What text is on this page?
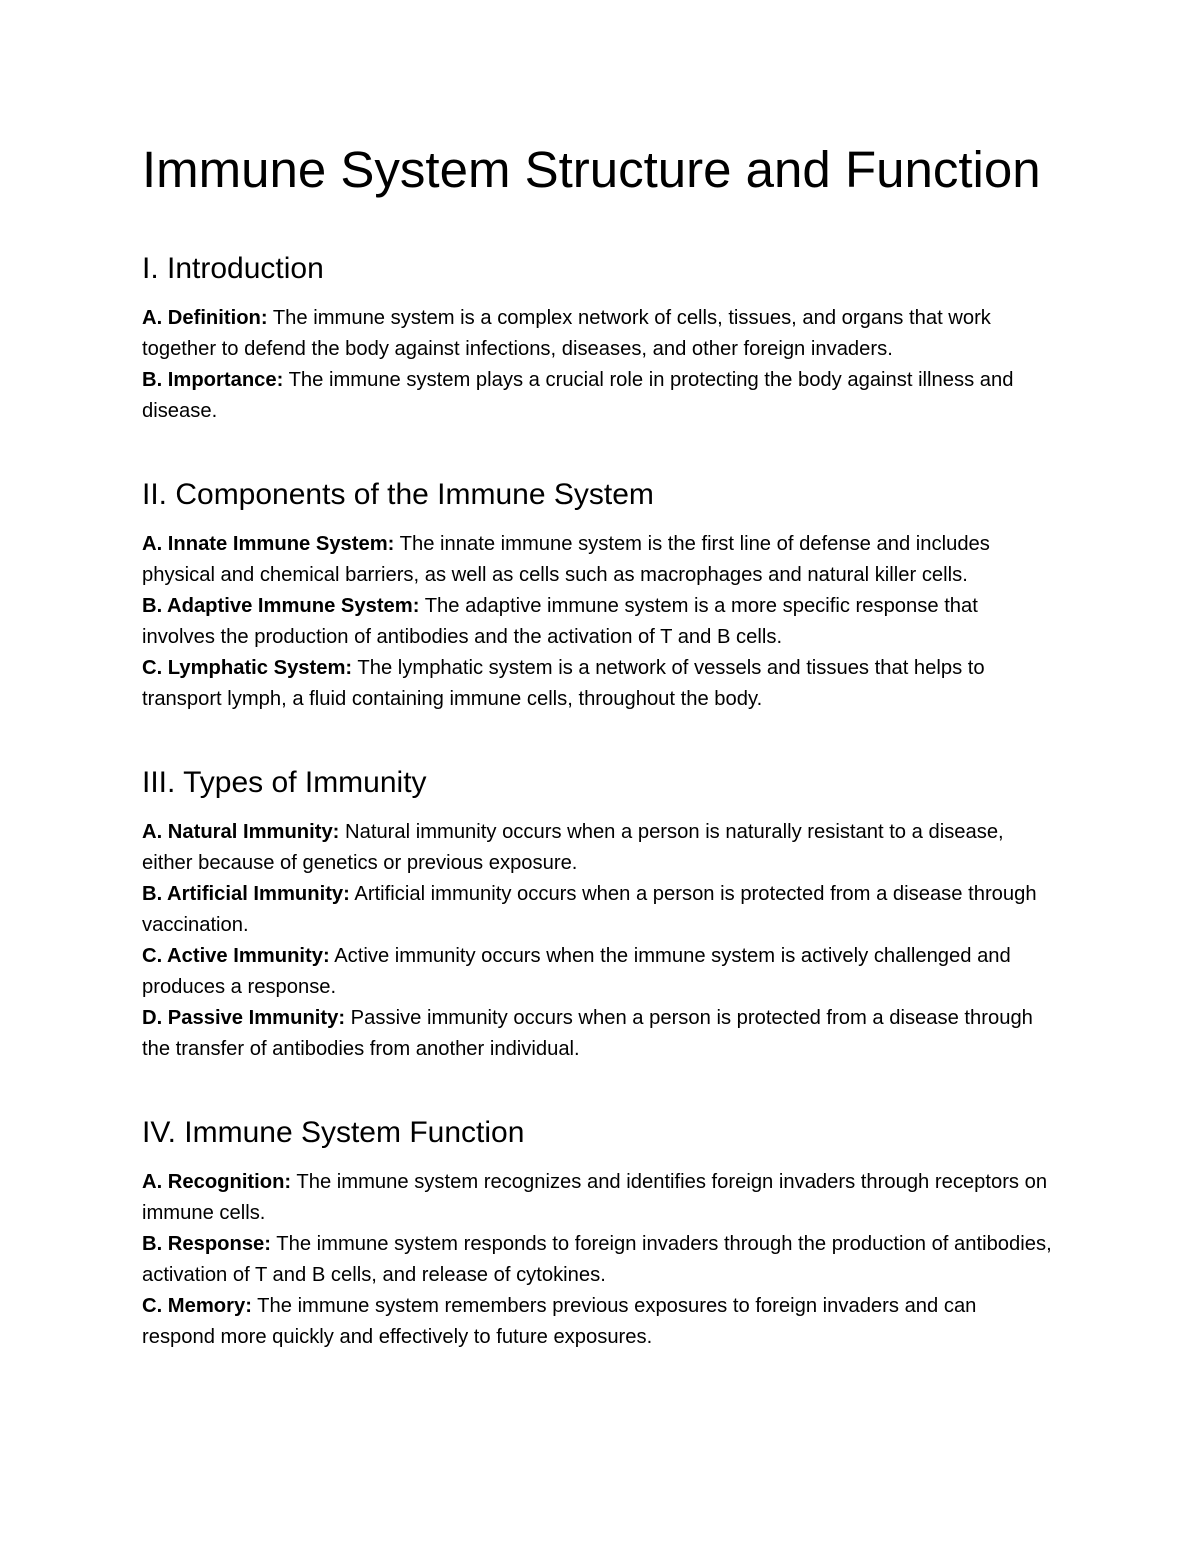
Immune System Structure and Function
I. Introduction

A. Definition: The immune system is a complex network of cells, tissues, and organs that work together to defend the body against infections, diseases, and other foreign invaders.

B. Importance: The immune system plays a crucial role in protecting the body against illness and disease.

II. Components of the Immune System

A. Innate Immune System: The innate immune system is the first line of defense and includes physical and chemical barriers, as well as cells such as macrophages and natural killer cells.

B. Adaptive Immune System: The adaptive immune system is a more specific response that involves the production of antibodies and the activation of T and B cells.

C. Lymphatic System: The lymphatic system is a network of vessels and tissues that helps to transport lymph, a fluid containing immune cells, throughout the body.

III. Types of Immunity

A. Natural Immunity: Natural immunity occurs when a person is naturally resistant to a disease, either because of genetics or previous exposure.

B. Artificial Immunity: Artificial immunity occurs when a person is protected from a disease through vaccination.

C. Active Immunity: Active immunity occurs when the immune system is actively challenged and produces a response.

D. Passive Immunity: Passive immunity occurs when a person is protected from a disease through the transfer of antibodies from another individual.

IV. Immune System Function

A. Recognition: The immune system recognizes and identifies foreign invaders through receptors on immune cells.

B. Response: The immune system responds to foreign invaders through the production of antibodies, activation of T and B cells, and release of cytokines.

C. Memory: The immune system remembers previous exposures to foreign invaders and can respond more quickly and effectively to future exposures.
